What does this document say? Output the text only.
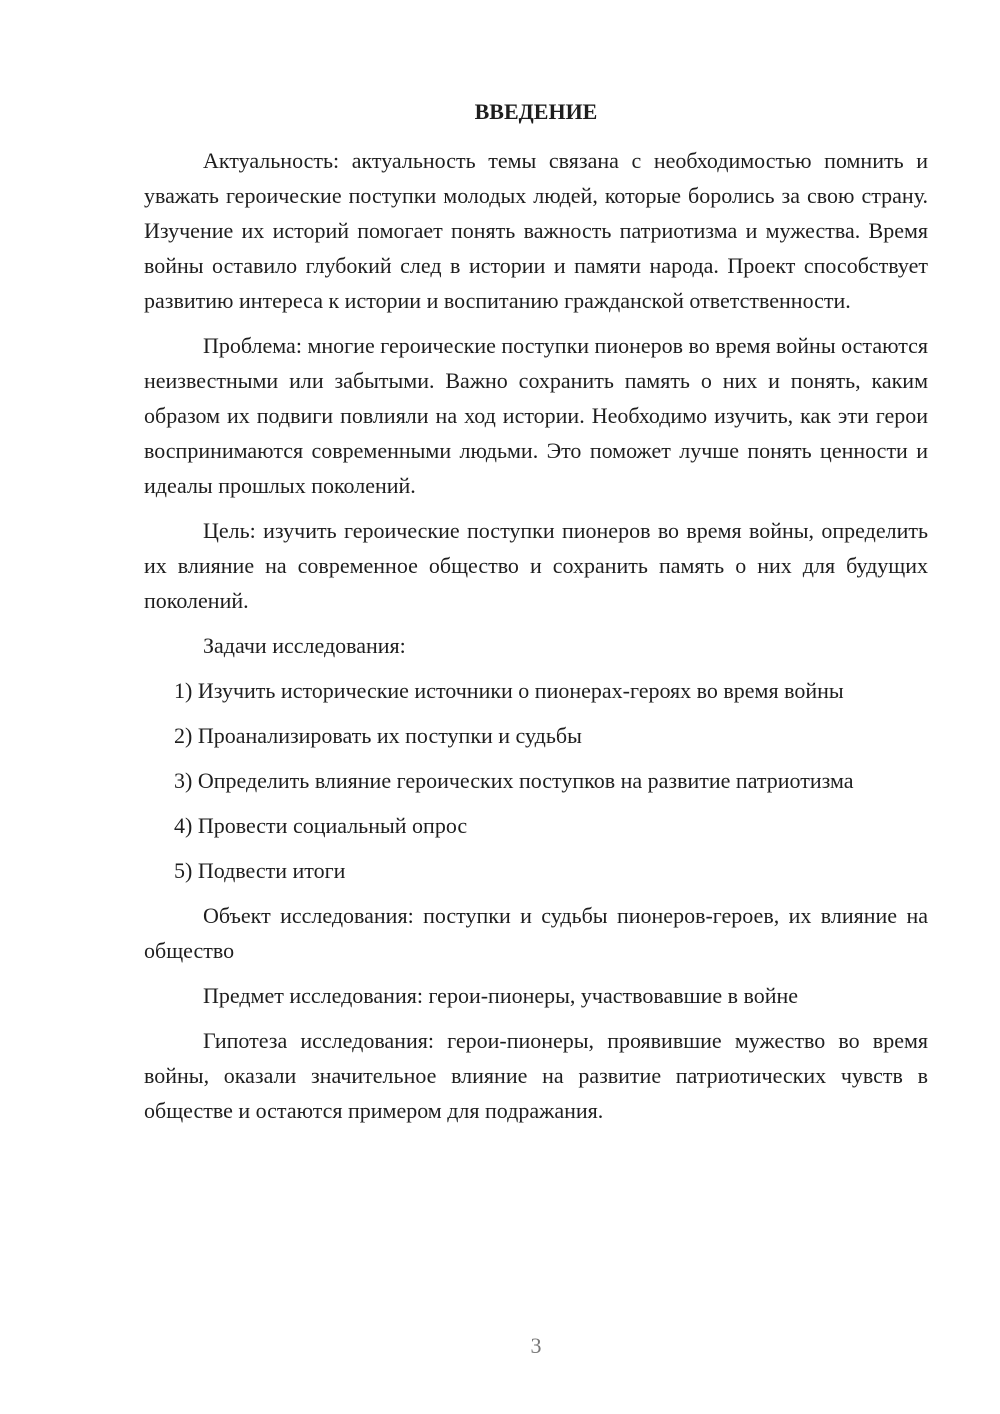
ВВЕДЕНИЕ

Актуальность: актуальность темы связана с необходимостью помнить и уважать героические поступки молодых людей, которые боролись за свою страну. Изучение их историй помогает понять важность патриотизма и мужества. Время войны оставило глубокий след в истории и памяти народа. Проект способствует развитию интереса к истории и воспитанию гражданской ответственности.

Проблема: многие героические поступки пионеров во время войны остаются неизвестными или забытыми. Важно сохранить память о них и понять, каким образом их подвиги повлияли на ход истории. Необходимо изучить, как эти герои воспринимаются современными людьми. Это поможет лучше понять ценности и идеалы прошлых поколений.

Цель: изучить героические поступки пионеров во время войны, определить их влияние на современное общество и сохранить память о них для будущих поколений.

Задачи исследования:

1) Изучить исторические источники о пионерах-героях во время войны

2) Проанализировать их поступки и судьбы

3) Определить влияние героических поступков на развитие патриотизма

4) Провести социальный опрос

5) Подвести итоги

Объект исследования: поступки и судьбы пионеров-героев, их влияние на общество

Предмет исследования: герои-пионеры, участвовавшие в войне

Гипотеза исследования: герои-пионеры, проявившие мужество во время войны, оказали значительное влияние на развитие патриотических чувств в обществе и остаются примером для подражания.

3
